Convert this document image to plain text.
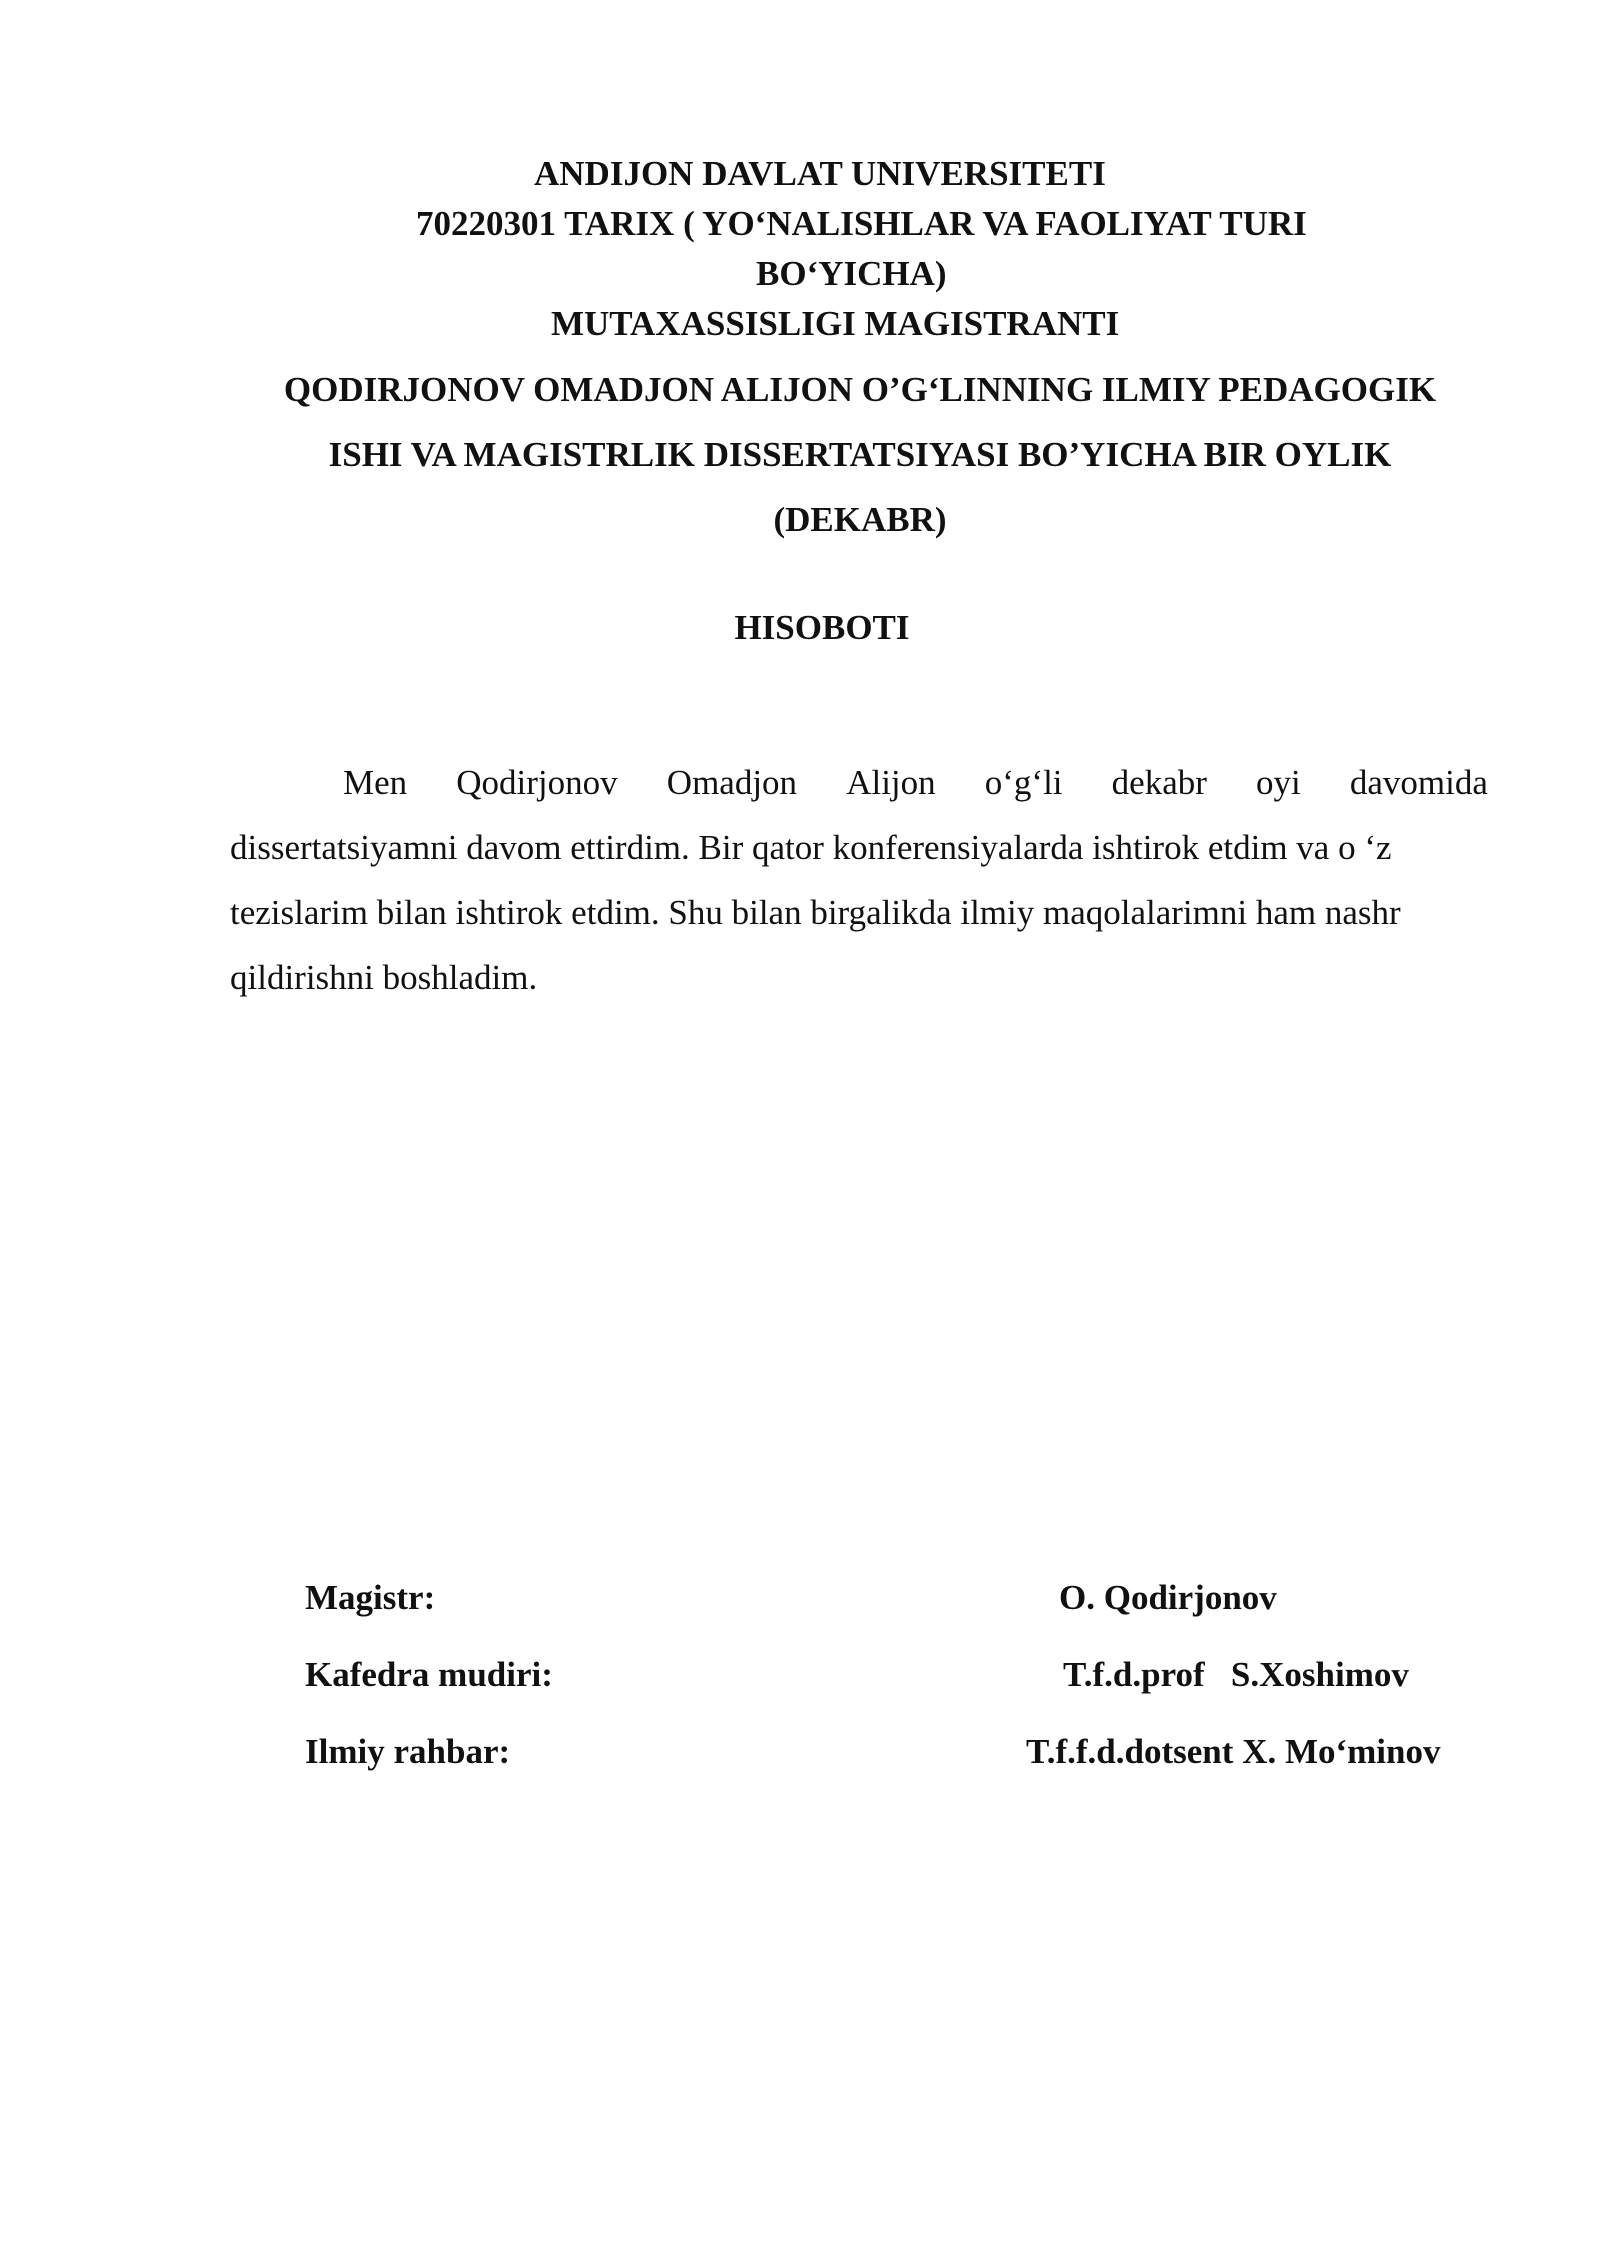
ANDIJON DAVLAT UNIVERSITETI
70220301 TARIX ( YO‘NALISHLAR VA FAOLIYAT TURI
BO‘YICHA)
MUTAXASSISLIGI MAGISTRANTI
QODIRJONOV OMADJON ALIJON O’G‘LINNING ILMIY PEDAGOGIK
ISHI VA MAGISTRLIK DISSERTATSIYASI BO’YICHA BIR OYLIK
(DEKABR)
HISOBOTI
Men Qodirjonov Omadjon Alijon o‘g‘li dekabr oyi davomida
dissertatsiyamni davom ettirdim. Bir qator konferensiyalarda ishtirok etdim va o ‘z
tezislarim bilan ishtirok etdim. Shu bilan birgalikda ilmiy maqolalarimni ham nashr
qildirishni boshladim.
Magistr:	O. Qodirjonov
Kafedra mudiri:	T.f.d.prof   S.Xoshimov
Ilmiy rahbar:	T.f.f.d.dotsent X. Mo‘minov
